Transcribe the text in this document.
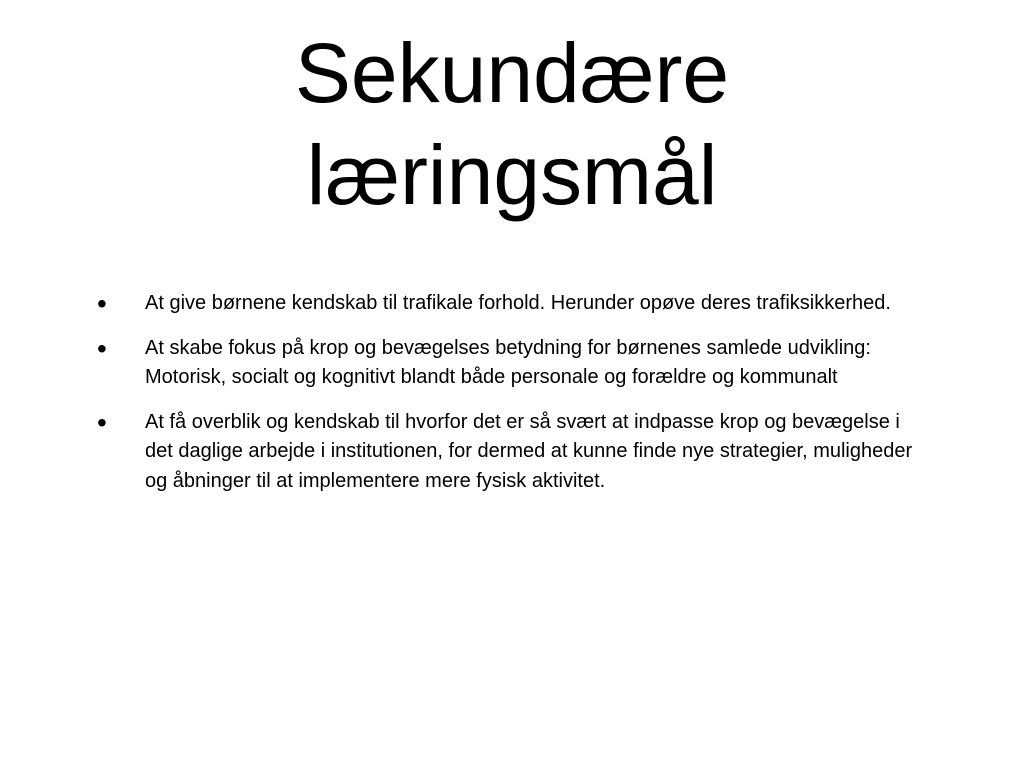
Sekundære
læringsmål
• At give børnene kendskab til trafikale forhold. Herunder opøve deres trafiksikkerhed.
• At skabe fokus på krop og bevægelses betydning for børnenes samlede udvikling: Motorisk, socialt og kognitivt blandt både personale og forældre og kommunalt
• At få overblik og kendskab til hvorfor det er så svært at indpasse krop og bevægelse i det daglige arbejde i institutionen, for dermed at kunne finde nye strategier, muligheder og åbninger til at implementere mere fysisk aktivitet.
